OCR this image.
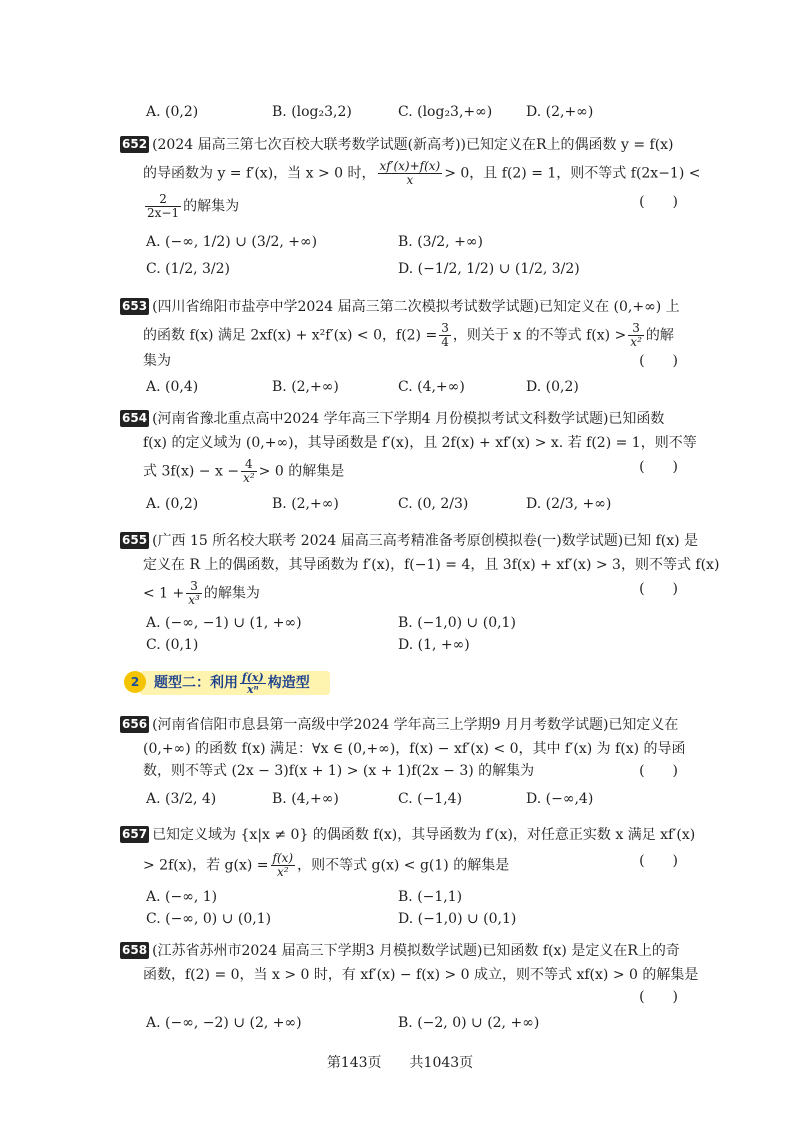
A. (0,2)	B. (log₂3,2)	C. (log₂3,+∞) D. (2,+∞)
652 (2024 届高三第七次百校大联考数学试题(新高考))已知定义在R上的偶函数 y = f(x)
的导函数为 y = f′(x)，当 x > 0 时， $\frac{xf'(x)+f(x)}{x} > 0$，且 f(2) = 1，则不等式 f(2x−1) <
$\frac{2}{2x-1}$ 的解集为	(　　)
A. (−∞, 1/2) ∪ (3/2, +∞)	B. (3/2, +∞)
C. (1/2, 3/2)	D. (−1/2, 1/2) ∪ (1/2, 3/2)
653 (四川省绵阳市盐亭中学2024 届高三第二次模拟考试数学试题)已知定义在 (0,+∞) 上
的函数 f(x) 满足 2xf(x) + x²f′(x) < 0，$f(2) = \frac{3}{4}$ ，则关于 x 的不等式 $f(x) > \frac{3}{\text{x²}}$ 的解
集为	(　　)
A. (0,4)	B. (2,+∞)	C. (4,+∞)	D. (0,2)
654 (河南省豫北重点高中2024 学年高三下学期4 月份模拟考试文科数学试题)已知函数
f(x) 的定义域为 (0,+∞)，其导函数是 f′(x)，且 2f(x) + xf′(x) > x. 若 f(2) = 1，则不等
式 $3f(x) - x - \frac{4}{\text{x²}} > 0$ 的解集是	(　　)
A. (0,2)	B. (2,+∞)	C. (0, 2/3)	D. (2/3, +∞)
655 (广西 15 所名校大联考 2024 届高三高考精准备考原创模拟卷(一)数学试题)已知 f(x) 是
定义在 R 上的偶函数，其导函数为 f′(x)，f(−1) = 4，且 3f(x) + xf′(x) > 3，则不等式 f(x)
< $1 + \frac{3}{\text{x³}}$ 的解集为	(　　)
A. (−∞, −1) ∪ (1, +∞)	B. (−1,0) ∪ (0,1)
C. (0,1)	D. (1, +∞)
2	题型二：利用 $\frac{f(x)}{\text{xⁿ}}$ 构造型
656 (河南省信阳市息县第一高级中学2024 学年高三上学期9 月月考数学试题)已知定义在
(0,+∞) 的函数 f(x) 满足：∀x ∈ (0,+∞)，f(x) − xf′(x) < 0，其中 f′(x) 为 f(x) 的导函
数，则不等式 (2x − 3)f(x + 1) > (x + 1)f(2x − 3) 的解集为	(　　)
A. (3/2, 4)	B. (4,+∞)	C. (−1,4)	D. (−∞,4)
657 已知定义域为 {x|x ≠ 0} 的偶函数 f(x)，其导函数为 f′(x)，对任意正实数 x 满足 xf′(x)
> 2f(x)，若 $g(x) = \frac{f(x)}{\text{x²}}$ ，则不等式 g(x) < g(1) 的解集是	(　　)
A. (−∞, 1)	B. (−1,1)
C. (−∞, 0) ∪ (0,1)	D. (−1,0) ∪ (0,1)
658 (江苏省苏州市2024 届高三下学期3 月模拟数学试题)已知函数 f(x) 是定义在R上的奇
函数，f(2) = 0，当 x > 0 时，有 xf′(x) − f(x) > 0 成立，则不等式 xf(x) > 0 的解集是
(　　)
A. (−∞, −2) ∪ (2, +∞)	B. (−2, 0) ∪ (2, +∞)
第143页　　共1043页
